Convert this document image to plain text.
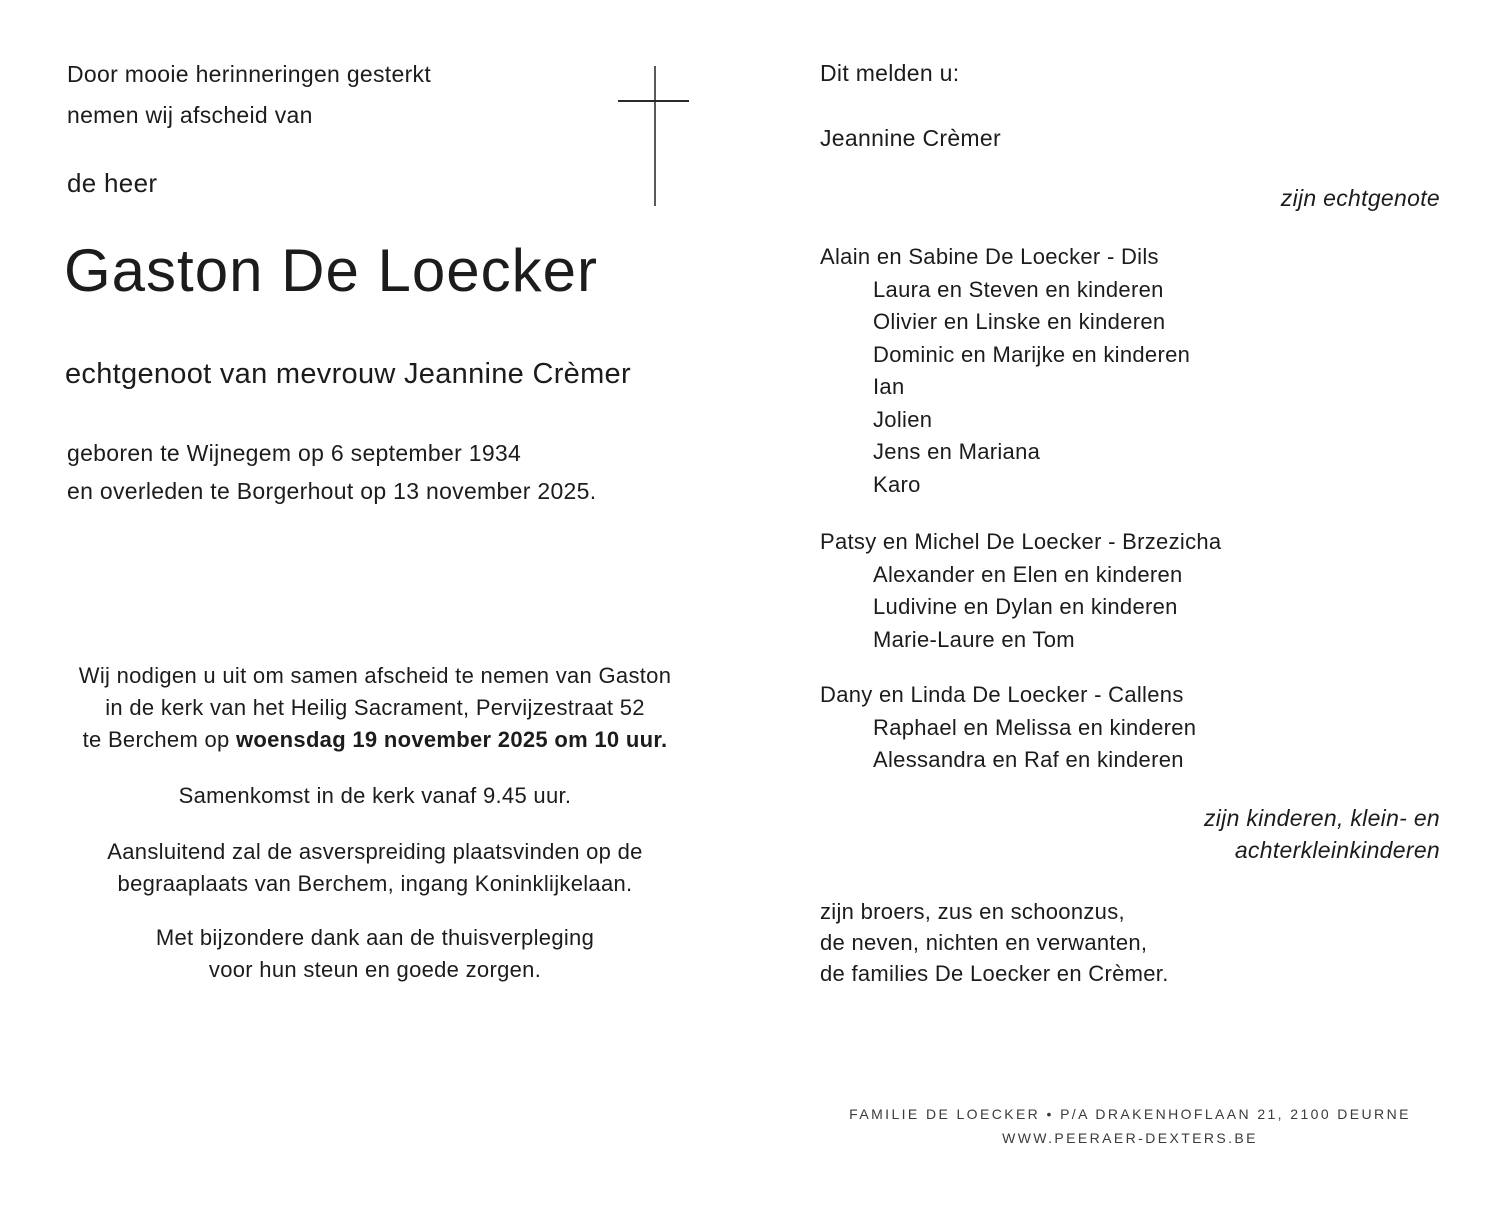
Door mooie herinneringen gesterkt
nemen wij afscheid van
de heer
Gaston De Loecker
echtgenoot van mevrouw Jeannine Crèmer
geboren te Wijnegem op 6 september 1934
en overleden te Borgerhout op 13 november 2025.
Wij nodigen u uit om samen afscheid te nemen van Gaston
in de kerk van het Heilig Sacrament, Pervijzestraat 52
te Berchem op woensdag 19 november 2025 om 10 uur.
Samenkomst in de kerk vanaf 9.45 uur.
Aansluitend zal de asverspreiding plaatsvinden op de
begraaplaats van Berchem, ingang Koninklijkelaan.
Met bijzondere dank aan de thuisverpleging
voor hun steun en goede zorgen.
Dit melden u:
Jeannine Crèmer
zijn echtgenote
Alain en Sabine De Loecker - Dils
Laura en Steven en kinderen
Olivier en Linske en kinderen
Dominic en Marijke en kinderen
Ian
Jolien
Jens en Mariana
Karo
Patsy en Michel De Loecker - Brzezicha
Alexander en Elen en kinderen
Ludivine en Dylan en kinderen
Marie-Laure en Tom
Dany en Linda De Loecker - Callens
Raphael en Melissa en kinderen
Alessandra en Raf en kinderen
zijn kinderen, klein- en
achterkleinkinderen
zijn broers, zus en schoonzus,
de neven, nichten en verwanten,
de families De Loecker en Crèmer.
FAMILIE DE LOECKER • P/A DRAKENHOFLAAN 21, 2100 DEURNE
WWW.PEERAER-DEXTERS.BE
